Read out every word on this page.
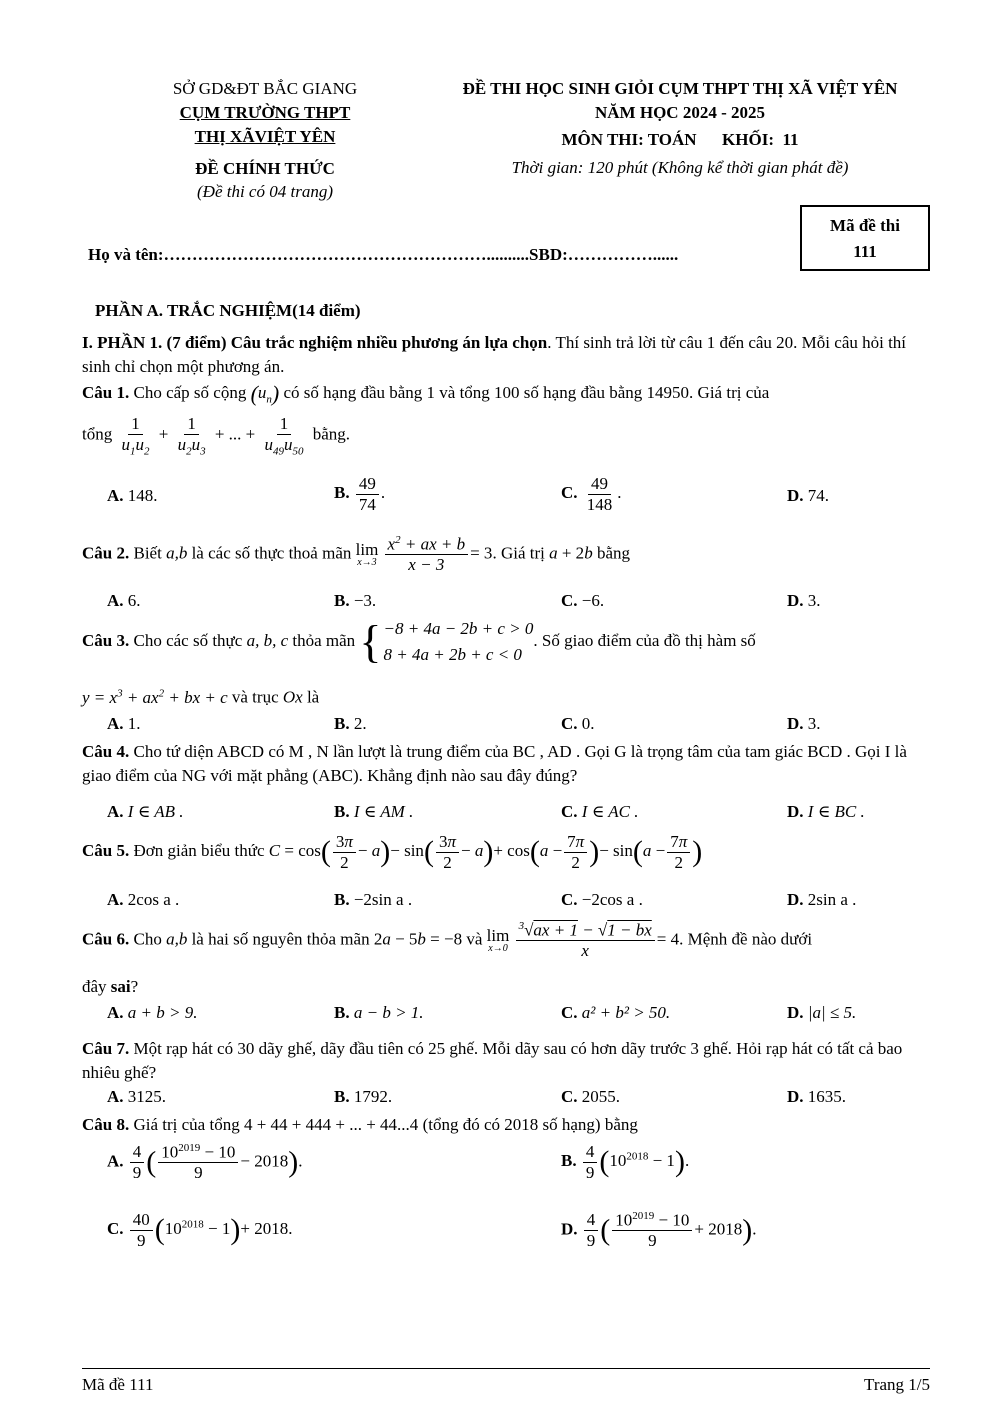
SỞ GD&ĐT BẮC GIANG
CỤM TRƯỜNG THPT
THỊ XÃVIỆT YÊN
ĐỀ CHÍNH THỨC
(Đề thi có 04 trang)
ĐỀ THI HỌC SINH GIỎI CỤM THPT THỊ XÃ VIỆT YÊN
NĂM HỌC 2024 - 2025
MÔN THI: TOÁN      KHỐI:  11
Thời gian: 120 phút (Không kể thời gian phát đề)
Mã đề thi
111
Họ và tên:…………………………………………………..........SBD:……………......
PHẦN A. TRẮC NGHIỆM(14 điểm)
I. PHẦN 1. (7 điểm) Câu trắc nghiệm nhiều phương án lựa chọn. Thí sinh trả lời từ câu 1 đến câu 20. Mỗi câu hỏi thí sinh chỉ chọn một phương án.
Câu 1. Cho cấp số cộng $(u_n)$ có số hạng đầu bằng 1 và tổng 100 số hạng đầu bằng 14950. Giá trị của
tổng $\frac{1}{u_1u_2} + \frac{1}{u_2u_3}$ + ... + $\frac{1}{u_{49}u_{50}}$ bằng.
A. 148.	B. $\frac{49}{74}$ .	C. $\frac{49}{148}$ .	D. 74.
Câu 2. Biết a,b là các số thực thoả mãn lim
x→3
$\frac{x^2 + ax + b}{x - 3} = 3$. Giá trị a + 2b bằng
A. 6.	B. −3.	C. −6.	D. 3.
Câu 3. Cho các số thực a, b, c thỏa mãn { −8 + 4a − 2b + c > 0
8 + 4a + 2b + c < 0
. Số giao điểm của đồ thị hàm số
$y = x^3 + ax^2$ + bx + c và trục Ox là
A. 1.	B. 2.	C. 0.	D. 3.
Câu 4. Cho tứ diện ABCD có M , N lần lượt là trung điểm của BC , AD . Gọi G là trọng tâm của tam giác BCD . Gọi I là giao điểm của NG với mặt phẳng (ABC). Khẳng định nào sau đây đúng?
A. I ∈ AB .	B. I ∈ AM .	C. I ∈ AC .	D. I ∈ BC .
Câu 5. Đơn giản biểu thức $C = \cos( \frac{3\pi}{2} - a)- \sin( \frac{3\pi}{2} - a)+ \cos(a - \frac{7\pi}{2}$ )− $\sin(a - \frac{7\pi}{2}$ )
A. 2cos a .	B. −2sin a .	C. −2cos a .	D. 2sin a .
Câu 6. Cho a,b là hai số nguyên thỏa mãn 2a − 5b = −8 và lim
x→0
$\frac{^3√ax + 1 - √1 - bx}{x} = 4$. Mệnh đề nào dưới
đây sai?
A. a + b > 9.	B. a − b > 1.	C. a² + b² > 50.	D. |a| ≤ 5.
Câu 7. Một rạp hát có 30 dãy ghế, dãy đầu tiên có 25 ghế. Mỗi dãy sau có hơn dãy trước 3 ghế. Hỏi rạp hát có tất cả bao nhiêu ghế?
A. 3125.	B. 1792.	C. 2055.	D. 1635.
Câu 8. Giá trị của tổng 4 + 44 + 444 + ... + 44...4 (tổng đó có 2018 số hạng) bằng
A. $\frac{4}{9}$ ( $\frac{10^{2019} - 10}{9} - 2018$).	B. $\frac{4}{9} (10^{2018} - 1)$.
C. $\frac{40}{9} (10^{2018} - 1)+ 2018$.	D. $\frac{4}{9}$ ( $\frac{10^{2019} - 10}{9} + 2018$).
Mã đề 111	Trang 1/5
